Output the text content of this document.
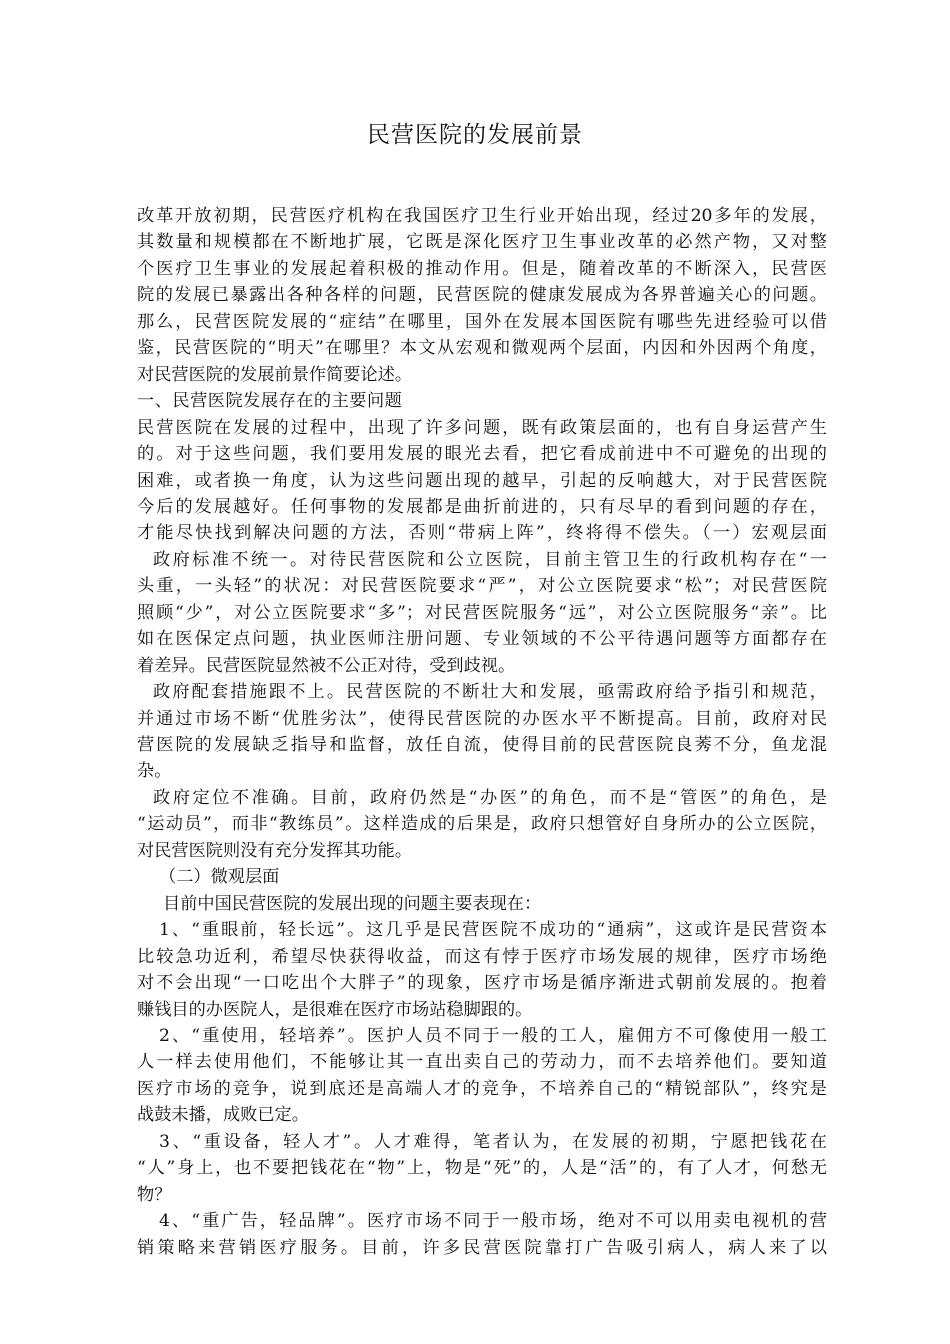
民营医院的发展前景
改革开放初期，民营医疗机构在我国医疗卫生行业开始出现，经过20多年的发展，
其数量和规模都在不断地扩展，它既是深化医疗卫生事业改革的必然产物，又对整
个医疗卫生事业的发展起着积极的推动作用。但是，随着改革的不断深入，民营医
院的发展已暴露出各种各样的问题，民营医院的健康发展成为各界普遍关心的问题。
那么，民营医院发展的“症结”在哪里，国外在发展本国医院有哪些先进经验可以借
鉴，民营医院的“明天”在哪里？本文从宏观和微观两个层面，内因和外因两个角度，
对民营医院的发展前景作简要论述。
一、民营医院发展存在的主要问题
民营医院在发展的过程中，出现了许多问题，既有政策层面的，也有自身运营产生
的。对于这些问题，我们要用发展的眼光去看，把它看成前进中不可避免的出现的
困难，或者换一角度，认为这些问题出现的越早，引起的反响越大，对于民营医院
今后的发展越好。任何事物的发展都是曲折前进的，只有尽早的看到问题的存在，
才能尽快找到解决问题的方法，否则“带病上阵”，终将得不偿失。（一）宏观层面
政府标准不统一。对待民营医院和公立医院，目前主管卫生的行政机构存在“一
头重，一头轻”的状况：对民营医院要求“严”，对公立医院要求“松”；对民营医院
照顾“少”，对公立医院要求“多”；对民营医院服务“远”，对公立医院服务“亲”。比
如在医保定点问题，执业医师注册问题、专业领域的不公平待遇问题等方面都存在
着差异。民营医院显然被不公正对待，受到歧视。
政府配套措施跟不上。民营医院的不断壮大和发展，亟需政府给予指引和规范，
并通过市场不断“优胜劣汰”，使得民营医院的办医水平不断提高。目前，政府对民
营医院的发展缺乏指导和监督，放任自流，使得目前的民营医院良莠不分，鱼龙混
杂。
政府定位不准确。目前，政府仍然是“办医”的角色，而不是“管医”的角色，是
“运动员”，而非“教练员”。这样造成的后果是，政府只想管好自身所办的公立医院，
对民营医院则没有充分发挥其功能。
（二）微观层面
目前中国民营医院的发展出现的问题主要表现在：
1、“重眼前，轻长远”。这几乎是民营医院不成功的“通病”，这或许是民营资本
比较急功近利，希望尽快获得收益，而这有悖于医疗市场发展的规律，医疗市场绝
对不会出现“一口吃出个大胖子”的现象，医疗市场是循序渐进式朝前发展的。抱着
赚钱目的办医院人，是很难在医疗市场站稳脚跟的。
2、“重使用，轻培养”。医护人员不同于一般的工人，雇佣方不可像使用一般工
人一样去使用他们，不能够让其一直出卖自己的劳动力，而不去培养他们。要知道
医疗市场的竞争，说到底还是高端人才的竞争，不培养自己的“精锐部队”，终究是
战鼓未播，成败已定。
3、“重设备，轻人才”。人才难得，笔者认为，在发展的初期，宁愿把钱花在
“人”身上，也不要把钱花在“物”上，物是“死”的，人是“活”的，有了人才，何愁无
物？
4、“重广告，轻品牌”。医疗市场不同于一般市场，绝对不可以用卖电视机的营
销策略来营销医疗服务。目前，许多民营医院靠打广告吸引病人，病人来了以
